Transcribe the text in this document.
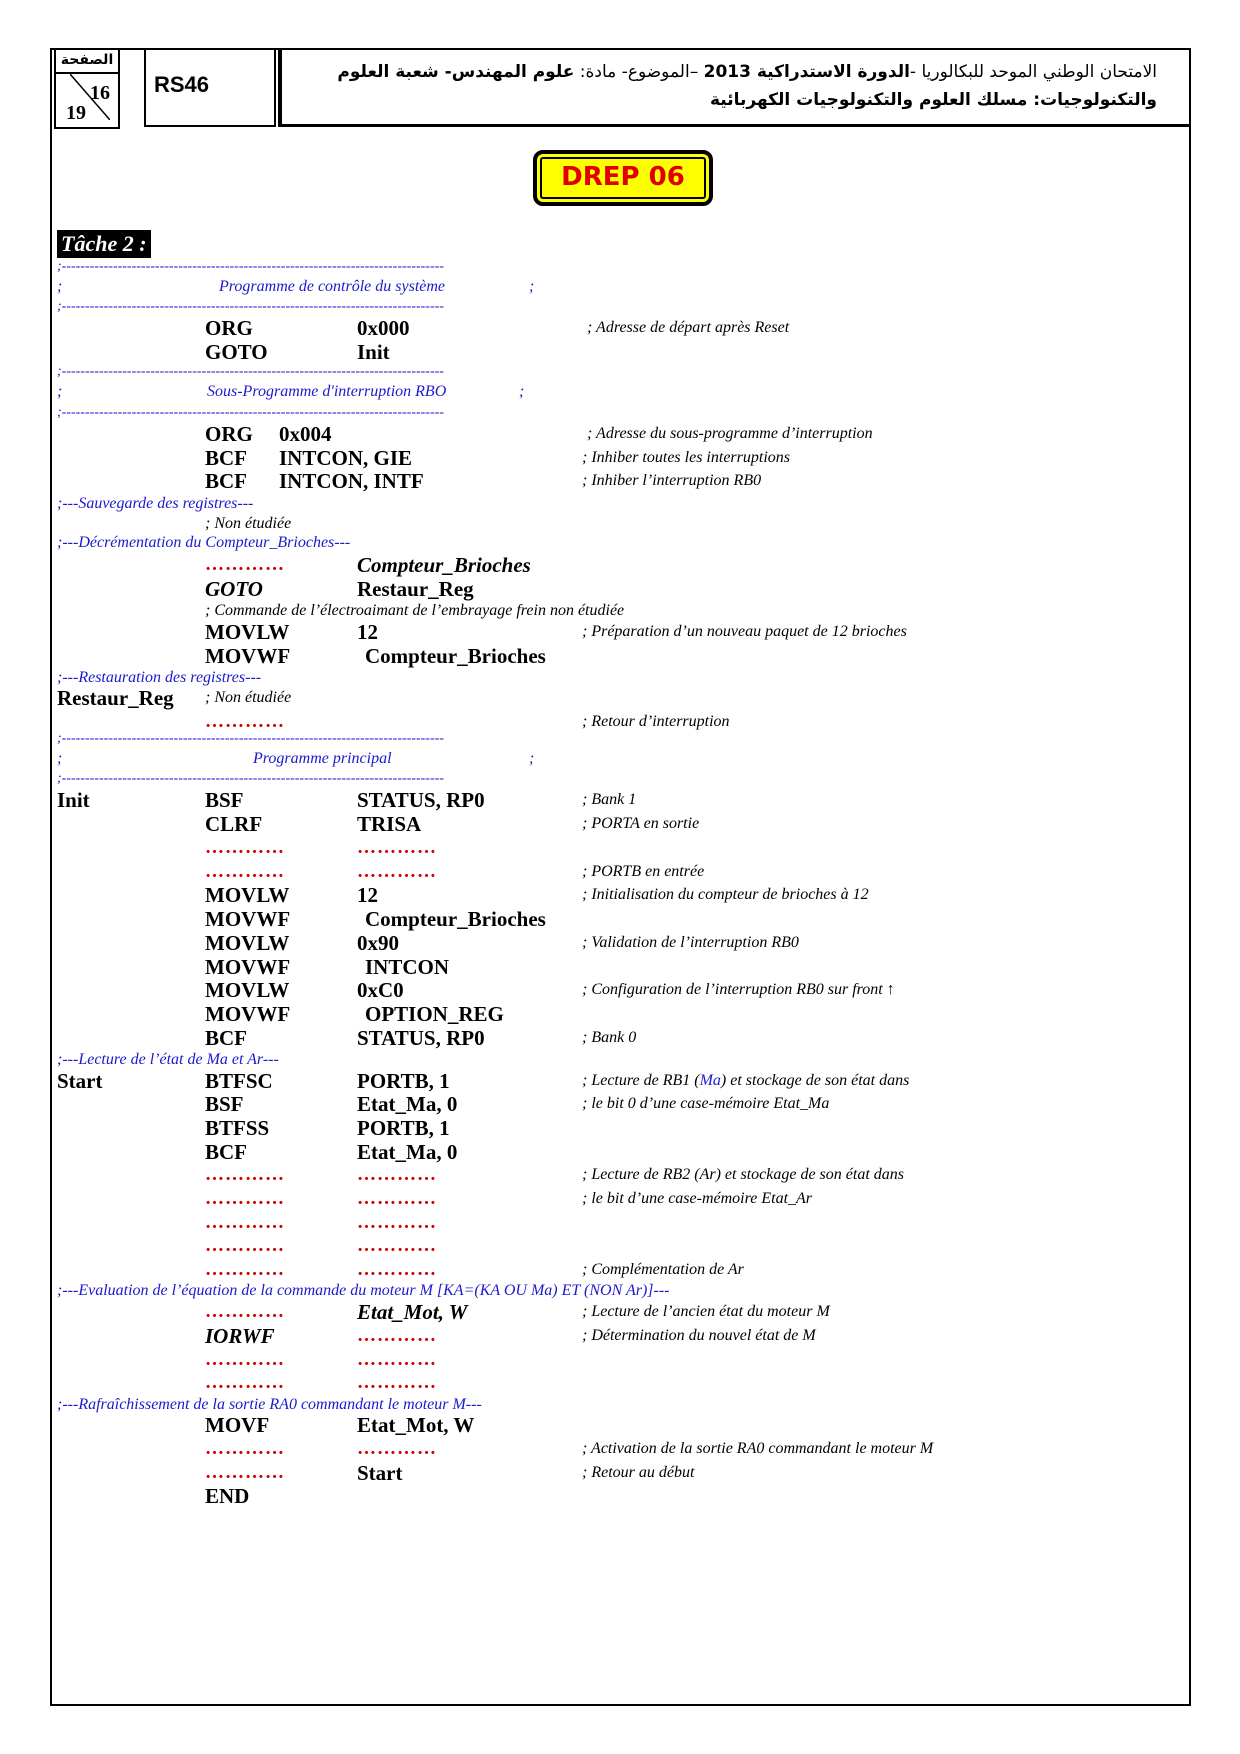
الصفحة
16
19
RS46	الامتحان الوطني الموحد للبكالوريا -الدورة الاستدراكية 2013 –الموضوع- مادة: علوم المهندس- شعبة العلوم
والتكنولوجيات: مسلك العلوم والتكنولوجيات الكهربائية
DREP 06
Tâche 2 :
;----------------------------------------------------------------------------------
;	Programme de contrôle du système	;
;----------------------------------------------------------------------------------
ORG	0x000	; Adresse de départ après Reset
GOTO	Init
;----------------------------------------------------------------------------------
;	Sous-Programme d'interruption RBO	;
;----------------------------------------------------------------------------------
ORG 0x004	; Adresse du sous-programme d’interruption
BCF INTCON, GIE	; Inhiber toutes les interruptions
BCF INTCON, INTF	; Inhiber l’interruption RB0
;---Sauvegarde des registres---
; Non étudiée
;---Décrémentation du Compteur_Brioches---
…………	Compteur_Brioches
GOTO	Restaur_Reg
; Commande de l’électroaimant de l’embrayage frein non étudiée
MOVLW	12	; Préparation d’un nouveau paquet de 12 brioches
MOVWF	Compteur_Brioches
;---Restauration des registres---
Restaur_Reg ; Non étudiée
…………	; Retour d’interruption
;----------------------------------------------------------------------------------
;	Programme principal	;
;----------------------------------------------------------------------------------
Init	BSF	STATUS, RP0	; Bank 1
CLRF	TRISA	; PORTA en sortie
…………	…………
…………	…………	; PORTB en entrée
MOVLW	12	; Initialisation du compteur de brioches à 12
MOVWF	Compteur_Brioches
MOVLW	0x90	; Validation de l’interruption RB0
MOVWF	INTCON
MOVLW	0xC0	; Configuration de l’interruption RB0 sur front ↑
MOVWF	OPTION_REG
BCF	STATUS, RP0	; Bank 0
;---Lecture de l’état de Ma et Ar---
Start	BTFSC	PORTB, 1	; Lecture de RB1 (Ma) et stockage de son état dans
BSF	Etat_Ma, 0	; le bit 0 d’une case-mémoire Etat_Ma
BTFSS	PORTB, 1
BCF	Etat_Ma, 0
…………	…………	; Lecture de RB2 (Ar) et stockage de son état dans
…………	…………	; le bit d’une case-mémoire Etat_Ar
…………	…………
…………	…………
…………	…………	; Complémentation de Ar
;---Evaluation de l’équation de la commande du moteur M [KA=(KA OU Ma) ET (NON Ar)]---
…………	Etat_Mot, W	; Lecture de l’ancien état du moteur M
IORWF	…………	; Détermination du nouvel état de M
…………	…………
…………	…………
;---Rafraîchissement de la sortie RA0 commandant le moteur M---
MOVF	Etat_Mot, W
…………	…………	; Activation de la sortie RA0 commandant le moteur M
…………	Start	; Retour au début
END
